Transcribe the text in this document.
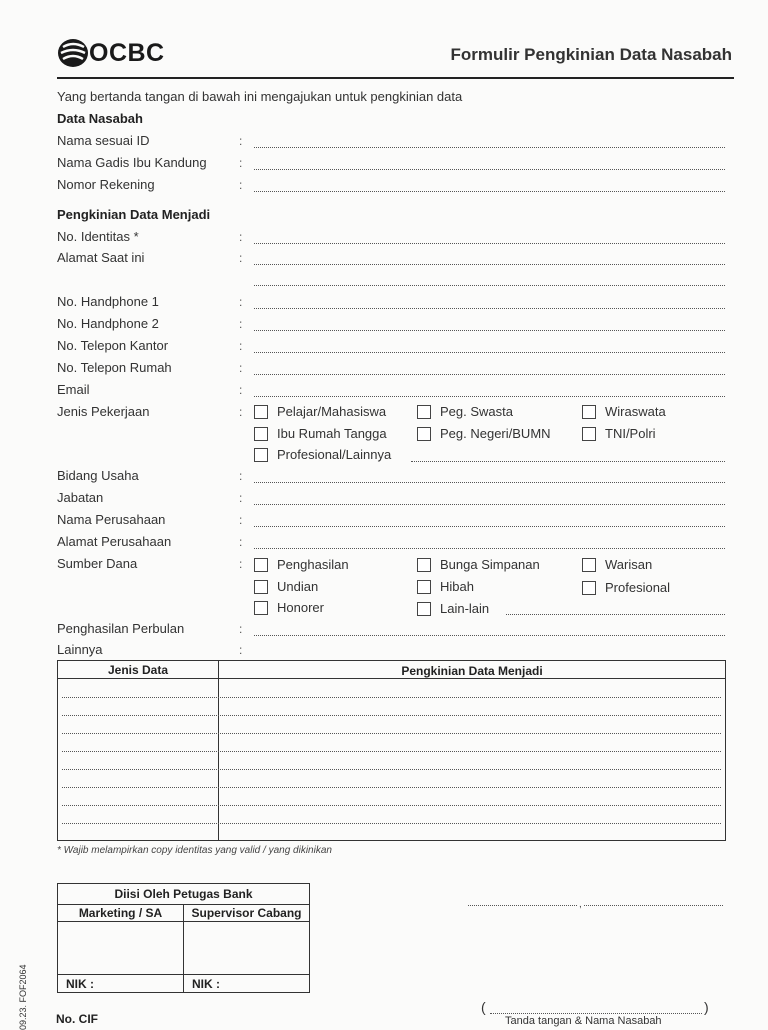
OCBC	Formulir Pengkinian Data Nasabah
Yang bertanda tangan di bawah ini mengajukan untuk pengkinian data
Data Nasabah
Nama sesuai ID	:
Nama Gadis Ibu Kandung	:
Nomor Rekening	:
Pengkinian Data Menjadi
No. Identitas *	:
Alamat Saat ini	:
No. Handphone 1	:
No. Handphone 2	:
No. Telepon Kantor	:
No. Telepon Rumah	:
Email	:
Jenis Pekerjaan	:	Pelajar/Mahasiswa	Peg. Swasta	Wiraswata
Ibu Rumah Tangga	Peg. Negeri/BUMN	TNI/Polri
Profesional/Lainnya
Bidang Usaha	:
Jabatan	:
Nama Perusahaan	:
Alamat Perusahaan	:
Sumber Dana	:	Penghasilan	Bunga Simpanan	Warisan
Undian	Hibah	Profesional
Honorer	Lain-lain
Penghasilan Perbulan	:
Lainnya	:
Jenis Data	Pengkinian Data Menjadi
* Wajib melampirkan copy identitas yang valid / yang dikinikan
Diisi Oleh Petugas Bank
Marketing / SA	Supervisor Cabang
NIK :	NIK :
,
09.23. FOF2064 No. CIF
(	)
Tanda tangan & Nama Nasabah
